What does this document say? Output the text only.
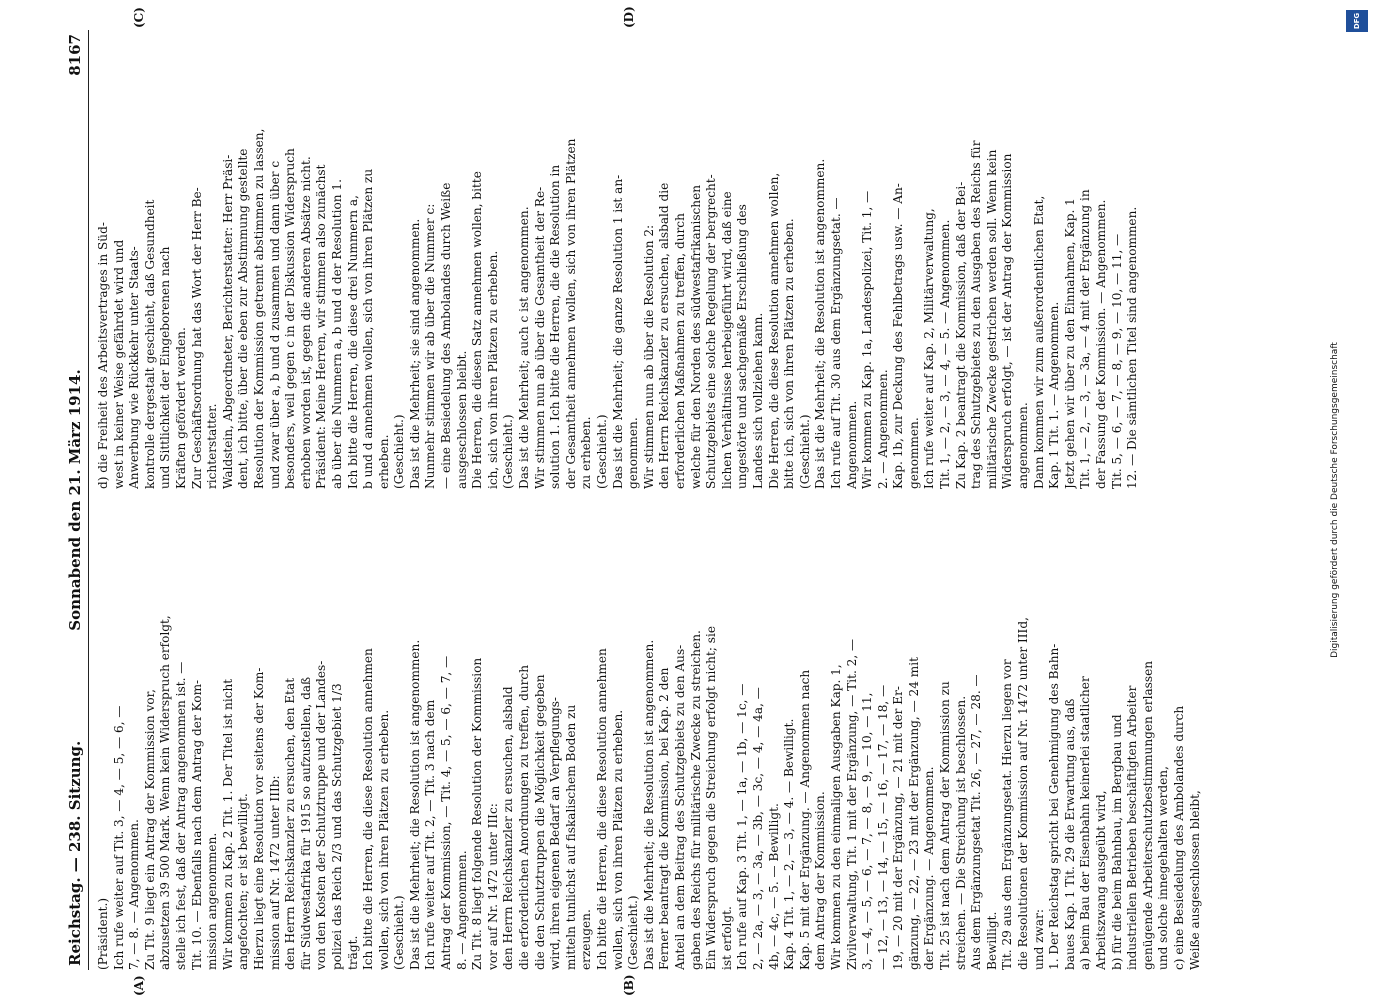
Reichstag. — 238. Sitzung.
Sonnabend den 21. März 1914.
8167
(A)	(B)
(C)	(D)

(Präsident.) Ich rufe weiter auf Tit. 3, — 4, — 5, — 6, — 7, — 8. — Angenommen. Zu Tit. 9 liegt ein Antrag der Kommission vor, abzusetzen 39 500 Mark. Wenn kein Widerspruch erfolgt, stelle ich fest, daß der Antrag angenommen ist. — Tit. 10. — Ebenfalls nach dem Antrag der Kom- mission angenommen. Wir kommen zu Kap. 2 Tit. 1. Der Titel ist nicht angefochten; er ist bewilligt. Hierzu liegt eine Resolution vor seitens der Kom- mission auf Nr. 1472 unter IIIb: den Herrn Reichskanzler zu ersuchen, den Etat für Südwestafrika für 1915 so aufzustellen, daß von den Kosten der Schutztruppe und der Landes- polizei das Reich 2/3 und das Schutzgebiet 1/3 trägt. Ich bitte die Herren, die diese Resolution annehmen wollen, sich von ihren Plätzen zu erheben. (Geschieht.) Das ist die Mehrheit; die Resolution ist angenommen. Ich rufe weiter auf Tit. 2, — Tit. 3 nach dem Antrag der Kommission, — Tit. 4, — 5, — 6, — 7, — 8. — Angenommen. Zu Tit. 8 liegt folgende Resolution der Kommission vor auf Nr. 1472 unter IIIc: den Herrn Reichskanzler zu ersuchen, alsbald die erforderlichen Anordnungen zu treffen, durch die den Schutztruppen die Möglichkeit gegeben wird, ihren eigenen Bedarf an Verpflegungs- mitteln tunlichst auf fiskalischem Boden zu erzeugen. Ich bitte die Herren, die diese Resolution annehmen wollen, sich von ihren Plätzen zu erheben. (Geschieht.) Das ist die Mehrheit; die Resolution ist angenommen. Ferner beantragt die Kommission, bei Kap. 2 den Anteil an dem Beitrag des Schutzgebiets zu den Aus- gaben des Reichs für militärische Zwecke zu streichen. Ein Widerspruch gegen die Streichung erfolgt nicht; sie ist erfolgt. Ich rufe auf Kap. 3 Tit. 1, — 1a, — 1b, — 1c, — 2, — 2a, — 3, — 3a, — 3b, — 3c, — 4, — 4a, — 4b, — 4c, — 5. — Bewilligt. Kap. 4 Tit. 1, — 2, — 3, — 4. — Bewilligt. Kap. 5 mit der Ergänzung. — Angenommen nach dem Antrag der Kommission. Wir kommen zu den einmaligen Ausgaben Kap. 1, Zivilverwaltung, Tit. 1 mit der Ergänzung, — Tit. 2, — 3, — 4, — 5, — 6, — 7, — 8, — 9, — 10, — 11, — 12, — 13, — 14, — 15, — 16, — 17, — 18, — 19, — 20 mit der Ergänzung, — 21 mit der Er- gänzung, — 22, — 23 mit der Ergänzung, — 24 mit der Ergänzung. — Angenommen. Tit. 25 ist nach dem Antrag der Kommission zu streichen. — Die Streichung ist beschlossen. Aus dem Ergänzungsetat Tit. 26, — 27, — 28. — Bewilligt. Tit. 29 aus dem Ergänzungsetat. Hierzu liegen vor die Resolutionen der Kommission auf Nr. 1472 unter IIId, und zwar: 1. Der Reichstag spricht bei Genehmigung des Bahn- baues Kap. 1 Tit. 29 die Erwartung aus, daß a) beim Bau der Eisenbahn keinerlei staatlicher Arbeitszwang ausgeübt wird, b) für die beim Bahnbau, im Bergbau und industriellen Betrieben beschäftigten Arbeiter genügende Arbeiterschutzbestimmungen erlassen und solche innegehalten werden, c) eine Besiedelung des Ambolandes durch Weiße ausgeschlossen bleibt,

d) die Freiheit des Arbeitsvertrages in Süd- west in keiner Weise gefährdet wird und Anwerbung wie Rückkehr unter Staats- kontrolle dergestalt geschieht, daß Gesundheit und Sittlichkeit der Eingeborenen nach Kräften gefördert werden. Zur Geschäftsordnung hat das Wort der Herr Be- richterstatter. Waldstein, Abgeordneter, Berichterstatter: Herr Präsi- dent, ich bitte, über die eben zur Abstimmung gestellte Resolution der Kommission getrennt abstimmen zu lassen, und zwar über a, b und d zusammen und dann über c besonders, weil gegen c in der Diskussion Widerspruch erhoben worden ist, gegen die anderen Absätze nicht. Präsident: Meine Herren, wir stimmen also zunächst ab über die Nummern a, b und d der Resolution 1. Ich bitte die Herren, die diese drei Nummern a, b und d annehmen wollen, sich von ihren Plätzen zu erheben. (Geschieht.) Das ist die Mehrheit; sie sind angenommen. Nunmehr stimmen wir ab über die Nummer c: — eine Besiedelung des Ambolandes durch Weiße ausgeschlossen bleibt. Die Herren, die diesen Satz annehmen wollen, bitte ich, sich von ihren Plätzen zu erheben. (Geschieht.) Das ist die Mehrheit; auch c ist angenommen. Wir stimmen nun ab über die Gesamtheit der Re- solution 1. Ich bitte die Herren, die die Resolution in der Gesamtheit annehmen wollen, sich von ihren Plätzen zu erheben. (Geschieht.) Das ist die Mehrheit; die ganze Resolution 1 ist an- genommen. Wir stimmen nun ab über die Resolution 2: den Herrn Reichskanzler zu ersuchen, alsbald die erforderlichen Maßnahmen zu treffen, durch welche für den Norden des südwestafrikanischen Schutzgebiets eine solche Regelung der bergrecht- lichen Verhältnisse herbeigeführt wird, daß eine ungestörte und sachgemäße Erschließung des Landes sich vollziehen kann. Die Herren, die diese Resolution annehmen wollen, bitte ich, sich von ihren Plätzen zu erheben. (Geschieht.) Das ist die Mehrheit; die Resolution ist angenommen. Ich rufe auf Tit. 30 aus dem Ergänzungsetat. — Angenommen. Wir kommen zu Kap. 1a, Landespolizei, Tit. 1, — 2. — Angenommen. Kap. 1b, zur Deckung des Fehlbetrags usw. — An- genommen. Ich rufe weiter auf Kap. 2, Militärverwaltung, Tit. 1, — 2, — 3, — 4, — 5. — Angenommen. Zu Kap. 2 beantragt die Kommission, daß der Bei- trag des Schutzgebietes zu den Ausgaben des Reichs für militärische Zwecke gestrichen werden soll. Wenn kein Widerspruch erfolgt, — ist der Antrag der Kommission angenommen. Dann kommen wir zum außerordentlichen Etat, Kap. 1 Tit. 1. — Angenommen. Jetzt gehen wir über zu den Einnahmen, Kap. 1 Tit. 1, — 2, — 3, — 3a, — 4 mit der Ergänzung in der Fassung der Kommission. — Angenommen. Tit. 5, — 6, — 7, — 8, — 9, — 10, — 11, — 12. — Die sämtlichen Titel sind angenommen.	Digitalisierung gefördert durch die Deutsche Forschungsgemeinschaft
DFG
